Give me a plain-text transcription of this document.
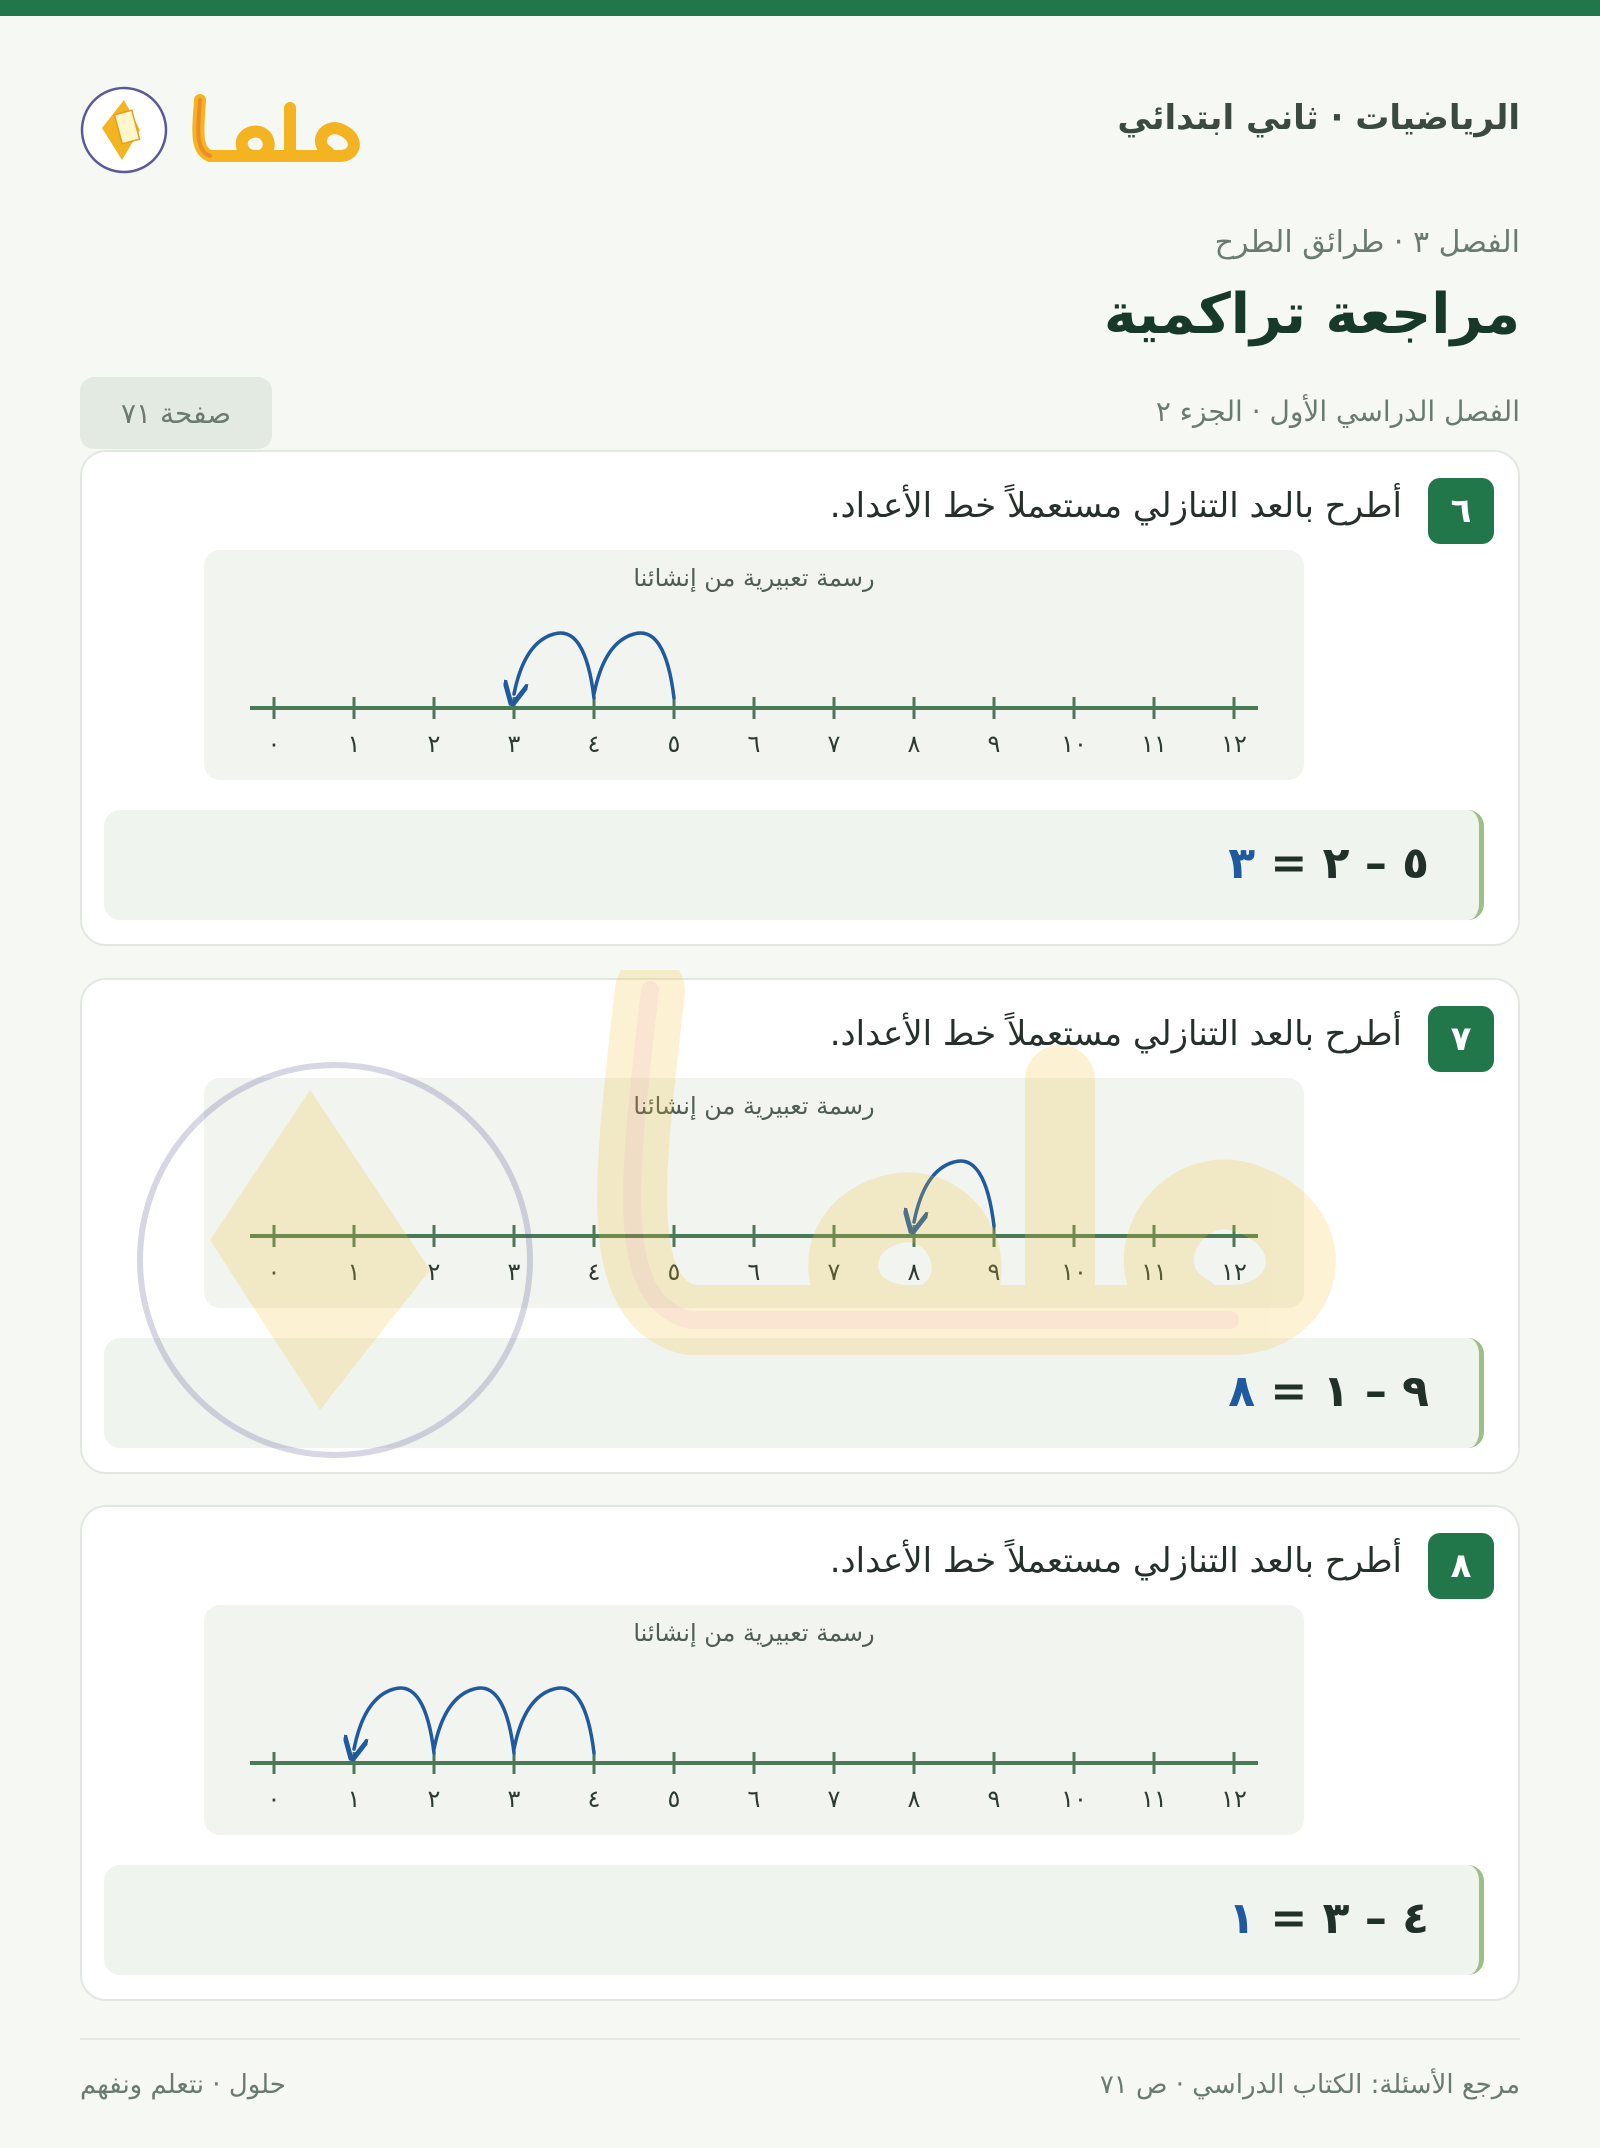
الرياضيات · ثاني ابتدائي
الفصل ٣ · طرائق الطرح
مراجعة تراكمية
الفصل الدراسي الأول · الجزء ٢
صفحة ٧١
٦
أطرح بالعد التنازلي مستعملاً خط الأعداد.
رسمة تعبيرية من إنشائنا
٠	١	٢	٣	٤	٥	٦	٧	٨	٩	١٠ ١١ ١٢
٥ – ٢ = ٣
٧
أطرح بالعد التنازلي مستعملاً خط الأعداد.
رسمة تعبيرية من إنشائنا
٠	١	٢	٣	٤	٥	٦	٧	٨	٩	١٠ ١١ ١٢
٩ – ١ = ٨
٨
أطرح بالعد التنازلي مستعملاً خط الأعداد.
رسمة تعبيرية من إنشائنا
٠	١	٢	٣	٤	٥	٦	٧	٨	٩	١٠ ١١ ١٢
٤ – ٣ = ١
مرجع الأسئلة: الكتاب الدراسي · ص ٧١
حلول · نتعلم ونفهم
